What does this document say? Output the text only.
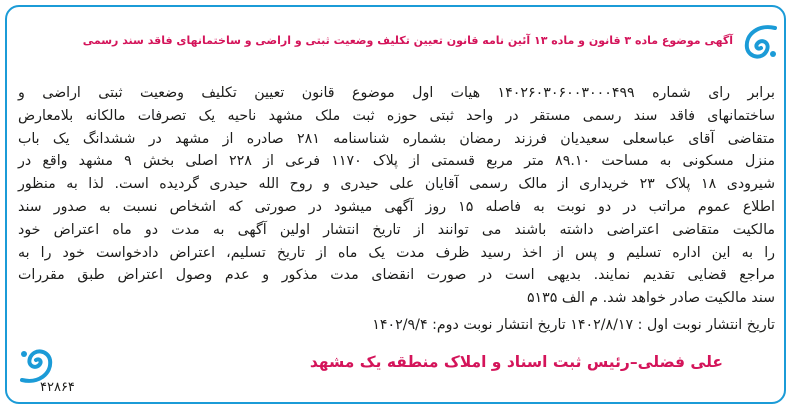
آگهی موضوع ماده ۳ قانون و ماده ۱۳ آئین نامه قانون تعیین تکلیف وضعیت ثبتی و اراضی و ساختمانهای فاقد سند رسمی
برابر رای شماره ۱۴۰۲۶۰۳۰۶۰۰۳۰۰۰۴۹۹ هیات اول موضوع قانون تعیین تکلیف وضعیت ثبتی اراضی و
ساختمانهای فاقد سند رسمی مستقر در واحد ثبتی حوزه ثبت ملک مشهد ناحیه یک تصرفات مالکانه بلامعارض
متقاضی آقای عباسعلی سعیدیان فرزند رمضان بشماره شناسنامه ۲۸۱ صادره از مشهد در ششدانگ یک باب
منزل مسکونی به مساحت ۸۹.۱۰ متر مربع قسمتی از پلاک ۱۱۷۰ فرعی از ۲۲۸ اصلی بخش ۹ مشهد واقع در
شیرودی ۱۸ پلاک ۲۳ خریداری از مالک رسمی آقایان علی حیدری و روح الله حیدری گردیده است. لذا به منظور
اطلاع عموم مراتب در دو نوبت به فاصله ۱۵ روز آگهی میشود در صورتی که اشخاص نسبت به صدور سند
مالکیت متقاضی اعتراضی داشته باشند می توانند از تاریخ انتشار اولین آگهی به مدت دو ماه اعتراض خود
را به این اداره تسلیم و پس از اخذ رسید ظرف مدت یک ماه از تاریخ تسلیم، اعتراض دادخواست خود را به
مراجع قضایی تقدیم نمایند. بدیهی است در صورت انقضای مدت مذکور و عدم وصول اعتراض طبق مقررات
سند مالکیت صادر خواهد شد. م الف ۵۱۳۵
تاریخ انتشار نوبت اول : ۱۴۰۲/۸/۱۷ تاریخ انتشار نوبت دوم: ۱۴۰۲/۹/۴
علی فضلی–رئیس ثبت اسناد و املاک منطقه یک مشهد
۴۲۸۶۴
